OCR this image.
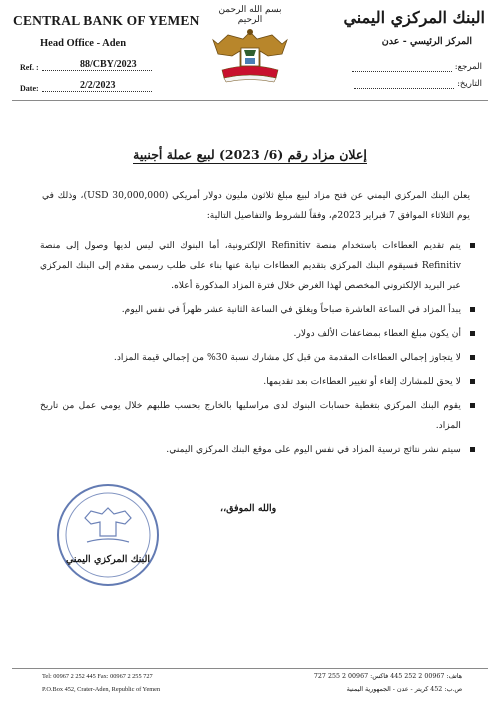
CENTRAL BANK OF YEMEN
Head Office - Aden
Ref. :	88/CBY/2023
Date:	2/2/2023
بسم الله الرحمن الرحيم	البنك المركزي اليمني
المركز الرئيسي - عدن
المرجع:
التاريخ:
إعلان مزاد رقم (6/ 2023) لبيع عملة أجنبية
يعلن البنك المركزي اليمني عن فتح مزاد لبيع مبلغ ثلاثون مليون دولار أمريكي (30,000,000 USD)، وذلك في يوم الثلاثاء الموافق 7 فبراير 2023م، وفقاً للشروط والتفاصيل التالية:
يتم تقديم العطاءات باستخدام منصة Refinitiv الإلكترونية، أما البنوك التي ليس لديها وصول إلى منصة Refinitiv فسيقوم البنك المركزي بتقديم العطاءات نيابة عنها بناء على طلب رسمي مقدم إلى البنك المركزي عبر البريد الإلكتروني المخصص لهذا الغرض خلال فترة المزاد المذكورة أعلاه.
يبدأ المزاد في الساعة العاشرة صباحاً ويغلق في الساعة الثانية عشر ظهراً في نفس اليوم.
أن يكون مبلغ العطاء بمضاعفات الألف دولار.
لا يتجاوز إجمالي العطاءات المقدمة من قبل كل مشارك نسبة 30% من إجمالي قيمة المزاد.
لا يحق للمشارك إلغاء أو تغيير العطاءات بعد تقديمها.
يقوم البنك المركزي بتغطية حسابات البنوك لدى مراسليها بالخارج بحسب طلبهم خلال يومي عمل من تاريخ المزاد.
سيتم نشر نتائج ترسية المزاد في نفس اليوم على موقع البنك المركزي اليمني.
والله الموفق،،
البنك المركزي اليمني
Tel: 00967 2 252 445 Fax: 00967 2 255 727
P.O.Box 452, Crater-Aden, Republic of Yemen
هاتف: 00967 2 252 445 فاكس: 00967 2 255 727
ص.ب: 452 كريتر - عدن - الجمهورية اليمنية
